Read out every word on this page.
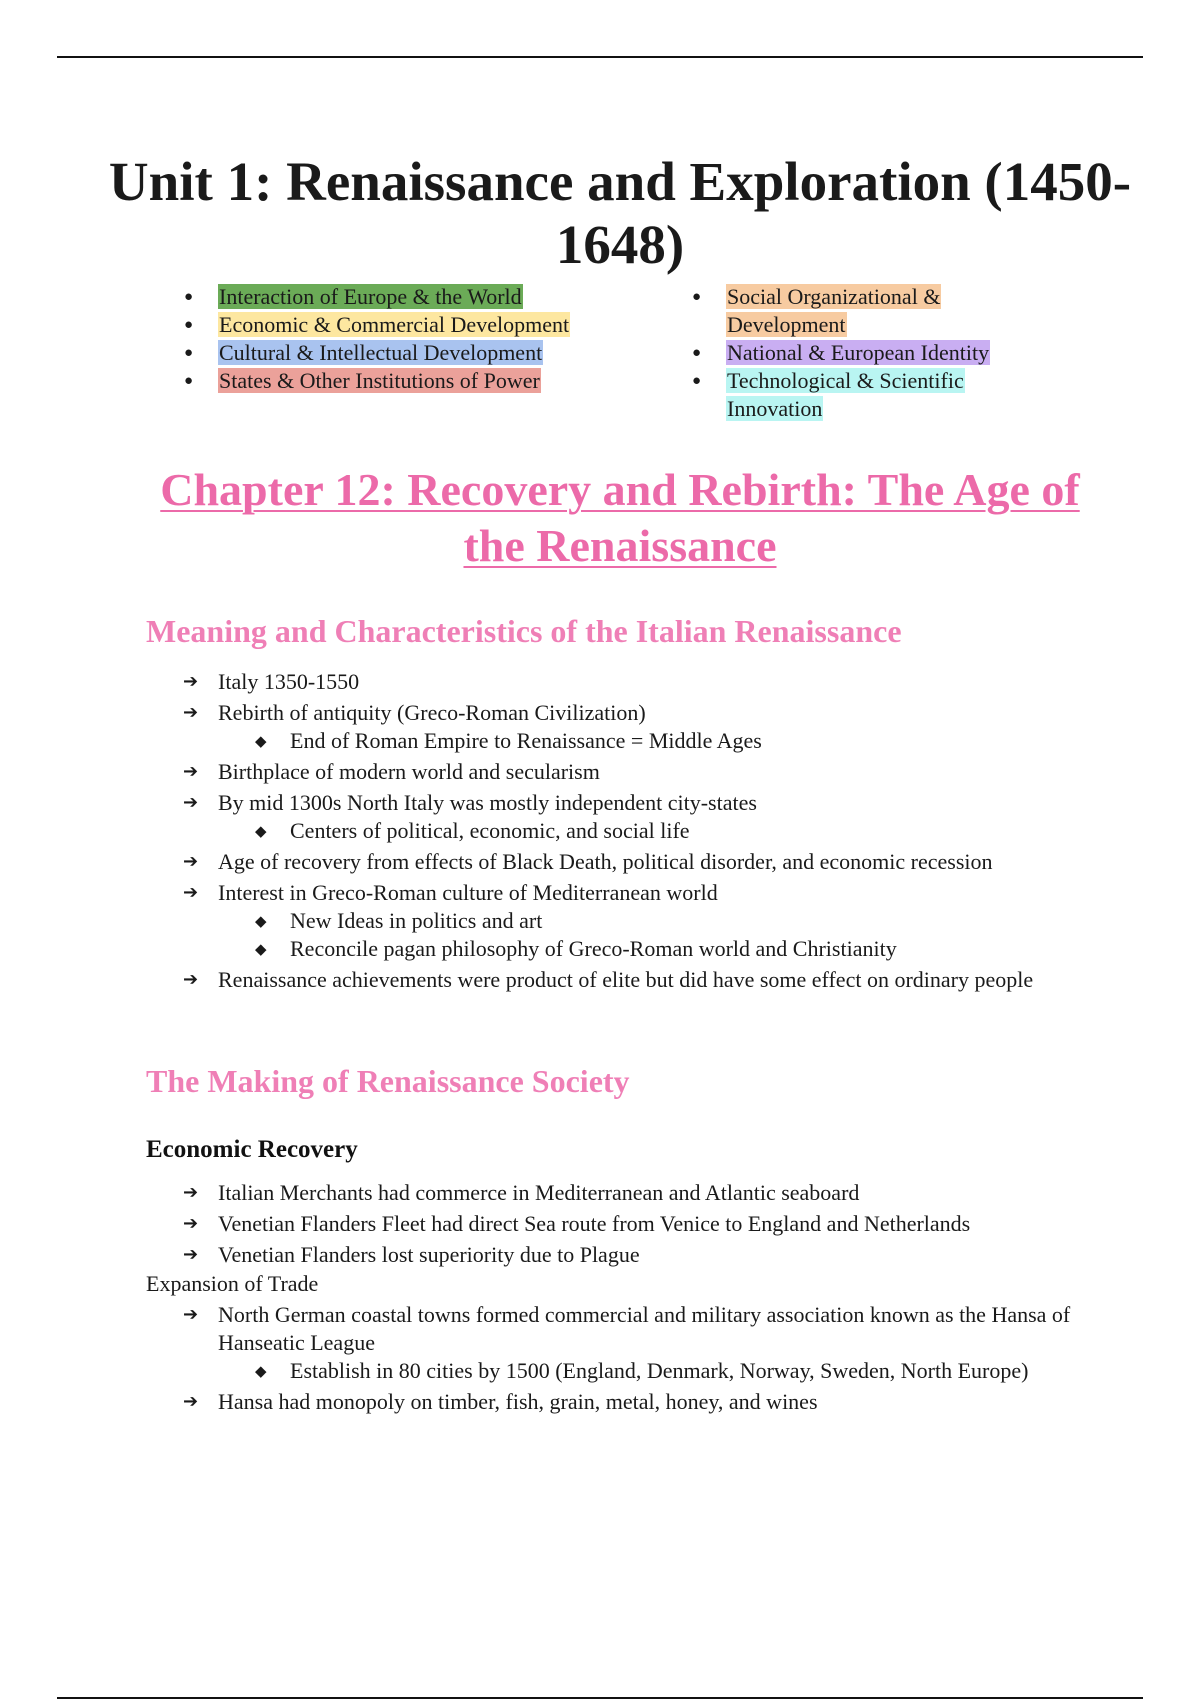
Unit 1: Renaissance and Exploration (1450-1648)
● Interaction of Europe & the World
● Economic & Commercial Development
● Cultural & Intellectual Development
● States & Other Institutions of Power
● Social Organizational & Development
● National & European Identity
● Technological & Scientific Innovation
Chapter 12: Recovery and Rebirth: The Age of the Renaissance
Meaning and Characteristics of the Italian Renaissance
➔ Italy 1350-1550
➔ Rebirth of antiquity (Greco-Roman Civilization)
◆ End of Roman Empire to Renaissance = Middle Ages
➔ Birthplace of modern world and secularism
➔ By mid 1300s North Italy was mostly independent city-states
◆ Centers of political, economic, and social life
➔ Age of recovery from effects of Black Death, political disorder, and economic recession
➔ Interest in Greco-Roman culture of Mediterranean world
◆ New Ideas in politics and art
◆ Reconcile pagan philosophy of Greco-Roman world and Christianity
➔ Renaissance achievements were product of elite but did have some effect on ordinary people
The Making of Renaissance Society
Economic Recovery
➔ Italian Merchants had commerce in Mediterranean and Atlantic seaboard
➔ Venetian Flanders Fleet had direct Sea route from Venice to England and Netherlands
➔ Venetian Flanders lost superiority due to Plague

Expansion of Trade

➔ North German coastal towns formed commercial and military association known as the Hansa of Hanseatic League
◆ Establish in 80 cities by 1500 (England, Denmark, Norway, Sweden, North Europe)
➔ Hansa had monopoly on timber, fish, grain, metal, honey, and wines
